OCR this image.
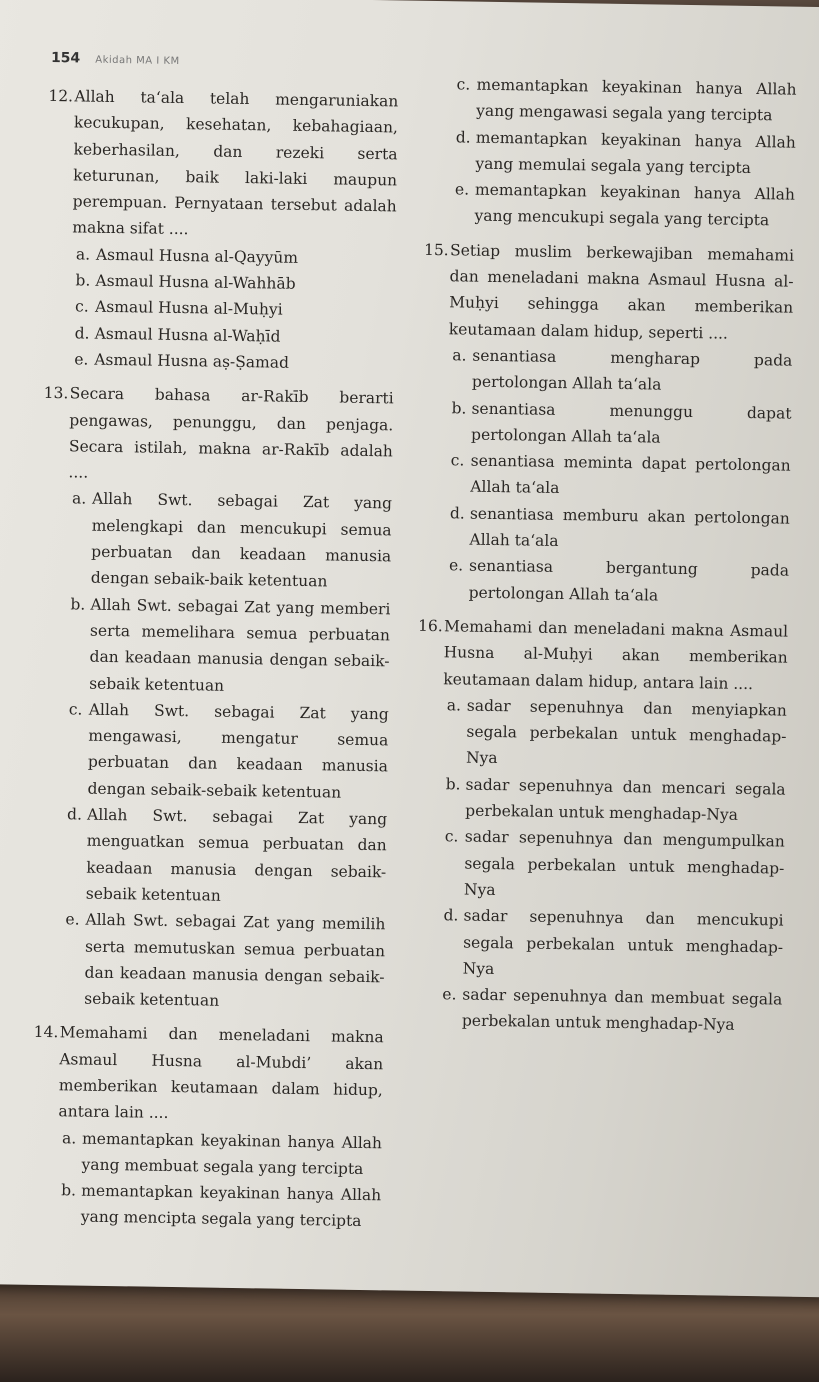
154 Akidah MA I KM
12. Allah ta‘ala telah mengaruniakan kecukupan, kesehatan, kebahagiaan, keberhasilan, dan rezeki serta keturunan, baik laki-laki maupun perempuan. Pernyataan tersebut adalah makna sifat ....
a. Asmaul Husna al-Qayyūm
b. Asmaul Husna al-Wahhāb
c. Asmaul Husna al-Muḥyi
d. Asmaul Husna al-Waḥīd
e. Asmaul Husna aṣ-Ṣamad
13. Secara bahasa ar-Rakīb berarti pengawas, penunggu, dan penjaga. Secara istilah, makna ar-Rakīb adalah ....
a. Allah Swt. sebagai Zat yang melengkapi dan mencukupi semua perbuatan dan keadaan manusia dengan sebaik-baik ketentuan
b. Allah Swt. sebagai Zat yang memberi serta memelihara semua perbuatan dan keadaan manusia dengan sebaik-sebaik ketentuan
c. Allah Swt. sebagai Zat yang mengawasi, mengatur semua perbuatan dan keadaan manusia dengan sebaik-sebaik ketentuan
d. Allah Swt. sebagai Zat yang menguatkan semua perbuatan dan keadaan manusia dengan sebaik-sebaik ketentuan
e. Allah Swt. sebagai Zat yang memilih serta memutuskan semua perbuatan dan keadaan manusia dengan sebaik-sebaik ketentuan
14. Memahami dan meneladani makna Asmaul Husna al-Mubdi’ akan memberikan keutamaan dalam hidup, antara lain ....
a. memantapkan keyakinan hanya Allah yang membuat segala yang tercipta
b. memantapkan keyakinan hanya Allah yang mencipta segala yang tercipta
c. memantapkan keyakinan hanya Allah yang mengawasi segala yang tercipta
d. memantapkan keyakinan hanya Allah yang memulai segala yang tercipta
e. memantapkan keyakinan hanya Allah yang mencukupi segala yang tercipta
15. Setiap muslim berkewajiban memahami dan meneladani makna Asmaul Husna al-Muḥyi sehingga akan memberikan keutamaan dalam hidup, seperti ....
a. senantiasa mengharap pada pertolongan Allah ta‘ala
b. senantiasa menunggu dapat pertolongan Allah ta‘ala
c. senantiasa meminta dapat pertolongan Allah ta‘ala
d. senantiasa memburu akan pertolongan Allah ta‘ala
e. senantiasa bergantung pada pertolongan Allah ta‘ala
16. Memahami dan meneladani makna Asmaul Husna al-Muḥyi akan memberikan keutamaan dalam hidup, antara lain ....
a. sadar sepenuhnya dan menyiapkan segala perbekalan untuk menghadap-Nya
b. sadar sepenuhnya dan mencari segala perbekalan untuk menghadap-Nya
c. sadar sepenuhnya dan mengumpulkan segala perbekalan untuk menghadap-Nya
d. sadar sepenuhnya dan mencukupi segala perbekalan untuk menghadap-Nya
e. sadar sepenuhnya dan membuat segala perbekalan untuk menghadap-Nya
